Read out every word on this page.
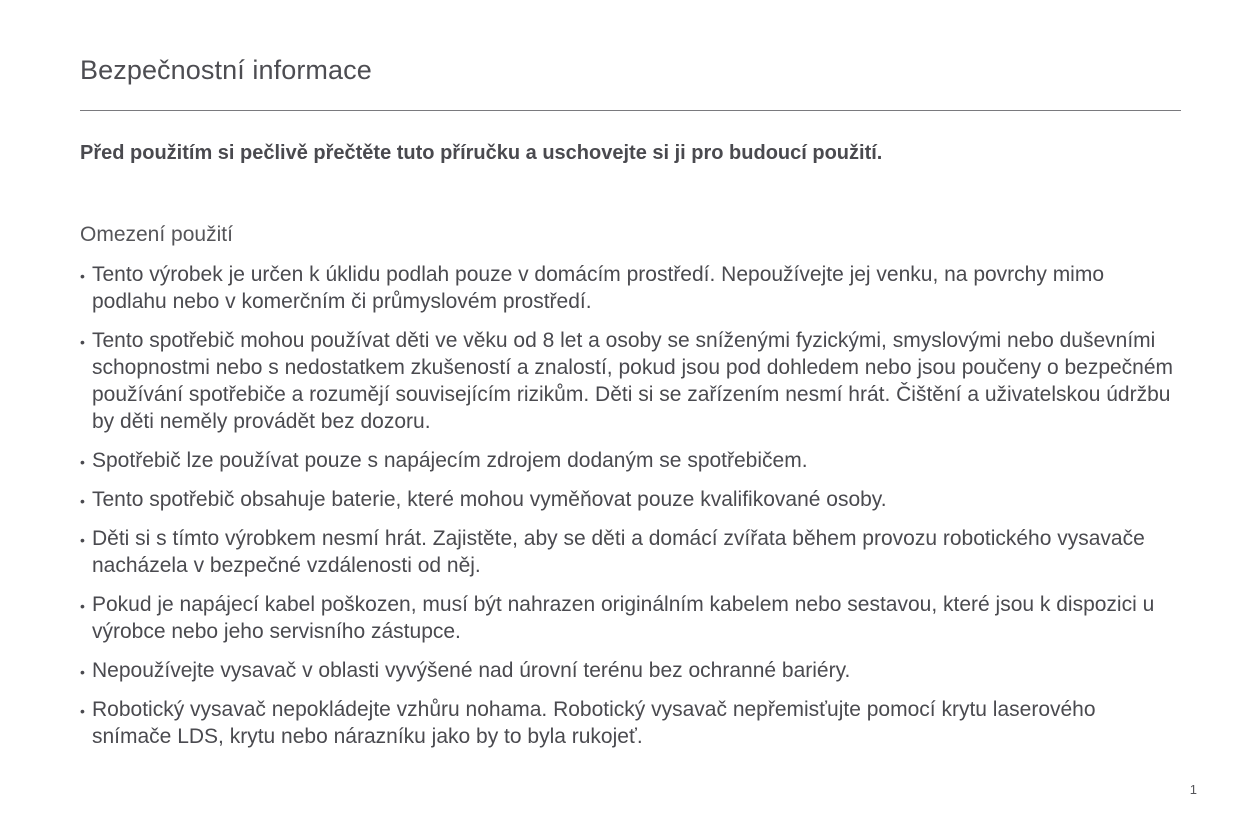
Bezpečnostní informace

Před použitím si pečlivě přečtěte tuto příručku a uschovejte si ji pro budoucí použití.

Omezení použití
• Tento výrobek je určen k úklidu podlah pouze v domácím prostředí. Nepoužívejte jej venku, na povrchy mimo podlahu nebo v komerčním či průmyslovém prostředí.
• Tento spotřebič mohou používat děti ve věku od 8 let a osoby se sníženými fyzickými, smyslovými nebo duševními schopnostmi nebo s nedostatkem zkušeností a znalostí, pokud jsou pod dohledem nebo jsou poučeny o bezpečném používání spotřebiče a rozumějí souvisejícím rizikům. Děti si se zařízením nesmí hrát. Čištění a uživatelskou údržbu by děti neměly provádět bez dozoru.
• Spotřebič lze používat pouze s napájecím zdrojem dodaným se spotřebičem.
• Tento spotřebič obsahuje baterie, které mohou vyměňovat pouze kvalifikované osoby.
• Děti si s tímto výrobkem nesmí hrát. Zajistěte, aby se děti a domácí zvířata během provozu robotického vysavače nacházela v bezpečné vzdálenosti od něj.
• Pokud je napájecí kabel poškozen, musí být nahrazen originálním kabelem nebo sestavou, které jsou k dispozici u výrobce nebo jeho servisního zástupce.
• Nepoužívejte vysavač v oblasti vyvýšené nad úrovní terénu bez ochranné bariéry.
• Robotický vysavač nepokládejte vzhůru nohama. Robotický vysavač nepřemisťujte pomocí krytu laserového snímače LDS, krytu nebo nárazníku jako by to byla rukojeť.
1
